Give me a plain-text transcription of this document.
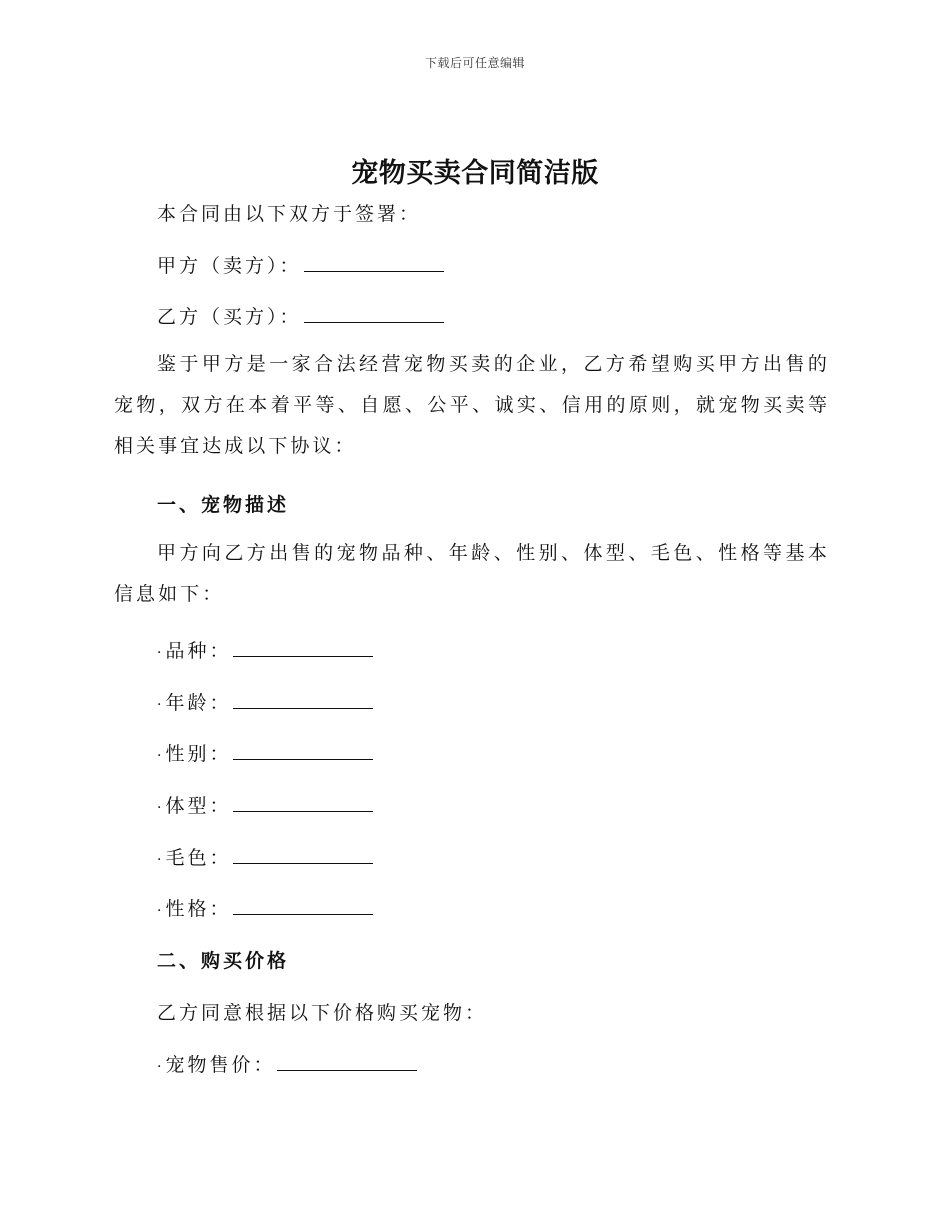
下载后可任意编辑
宠物买卖合同简洁版
本合同由以下双方于签署：
甲方（卖方）：
乙方（买方）：
鉴于甲方是一家合法经营宠物买卖的企业，乙方希望购买甲方出售的宠物，双方在本着平等、自愿、公平、诚实、信用的原则，就宠物买卖等相关事宜达成以下协议：
一、宠物描述
甲方向乙方出售的宠物品种、年龄、性别、体型、毛色、性格等基本信息如下：
· 品种：
· 年龄：
· 性别：
· 体型：
· 毛色：
· 性格：
二、购买价格
乙方同意根据以下价格购买宠物：
· 宠物售价：
